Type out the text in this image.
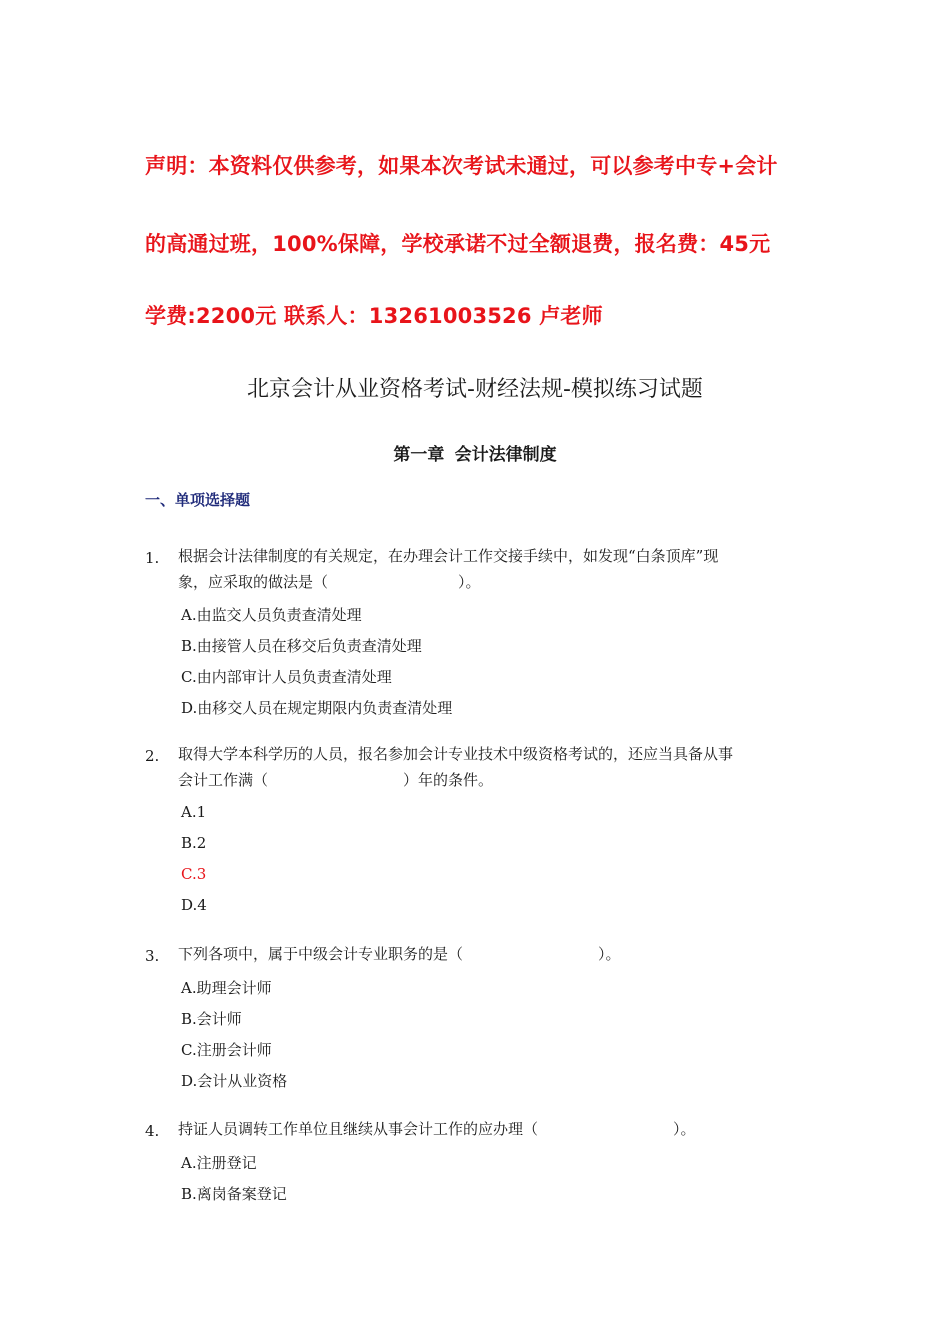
声明：本资料仅供参考，如果本次考试未通过，可以参考中专+会计
的高通过班，100%保障，学校承诺不过全额退费，报名费：45元
学费:2200元 联系人：13261003526 卢老师
北京会计从业资格考试-财经法规-模拟练习试题
第一章 会计法律制度
一、单项选择题
1. 根据会计法律制度的有关规定，在办理会计工作交接手续中，如发现“白条顶库”现
象，应采取的做法是（	）。
A.由监交人员负责查清处理
B.由接管人员在移交后负责查清处理
C.由内部审计人员负责查清处理
D.由移交人员在规定期限内负责查清处理
2. 取得大学本科学历的人员，报名参加会计专业技术中级资格考试的，还应当具备从事
会计工作满（	）年的条件。
A.1
B.2
C.3
D.4
3. 下列各项中，属于中级会计专业职务的是（	）。
A.助理会计师
B.会计师
C.注册会计师
D.会计从业资格
4. 持证人员调转工作单位且继续从事会计工作的应办理（	）。
A.注册登记
B.离岗备案登记
